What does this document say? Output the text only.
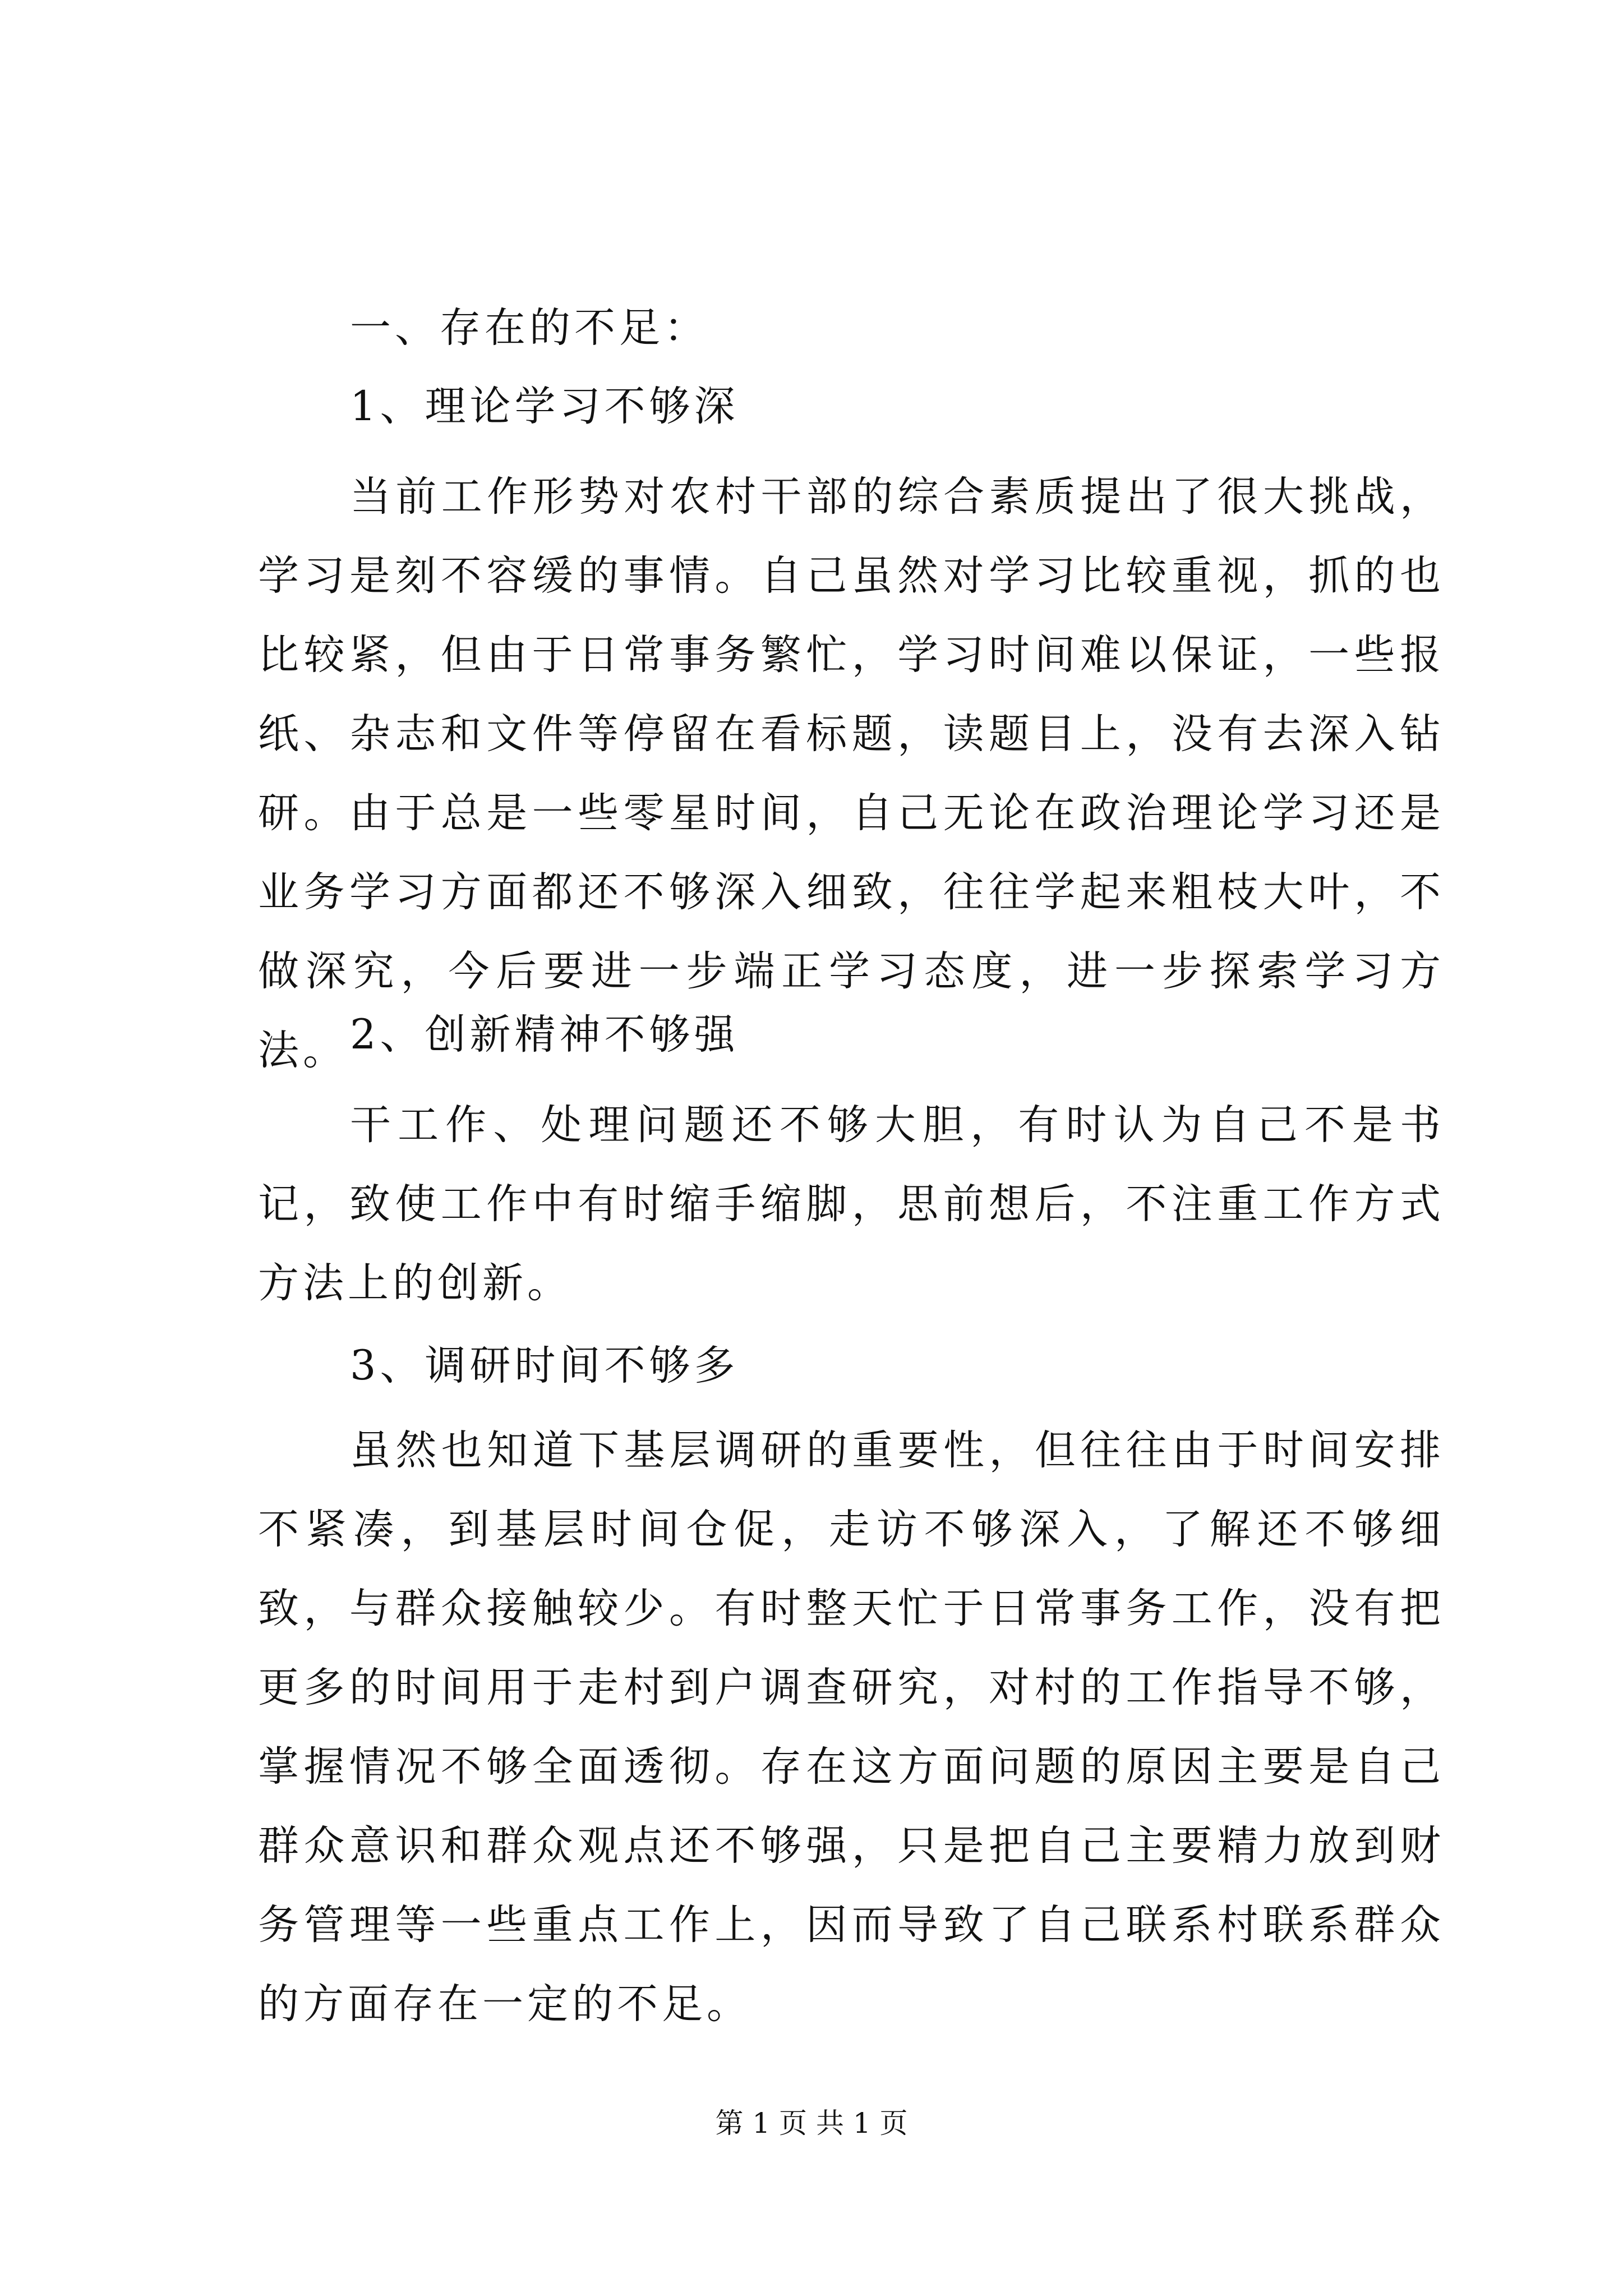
一、存在的不足：
1、理论学习不够深
当前工作形势对农村干部的综合素质提出了很大挑战，学习是刻不容缓的事情。自己虽然对学习比较重视，抓的也比较紧，但由于日常事务繁忙，学习时间难以保证，一些报纸、杂志和文件等停留在看标题，读题目上，没有去深入钻研。由于总是一些零星时间，自己无论在政治理论学习还是业务学习方面都还不够深入细致，往往学起来粗枝大叶，不做深究，今后要进一步端正学习态度，进一步探索学习方法。 2、创新精神不够强
干工作、处理问题还不够大胆，有时认为自己不是书记，致使工作中有时缩手缩脚，思前想后，不注重工作方式方法上的创新。
3、调研时间不够多
虽然也知道下基层调研的重要性，但往往由于时间安排不紧凑，到基层时间仓促，走访不够深入，了解还不够细致，与群众接触较少。有时整天忙于日常事务工作，没有把更多的时间用于走村到户调查研究，对村的工作指导不够，掌握情况不够全面透彻。存在这方面问题的原因主要是自己群众意识和群众观点还不够强，只是把自己主要精力放到财务管理等一些重点工作上，因而导致了自己联系村联系群众的方面存在一定的不足。
第 1 页 共 1 页
